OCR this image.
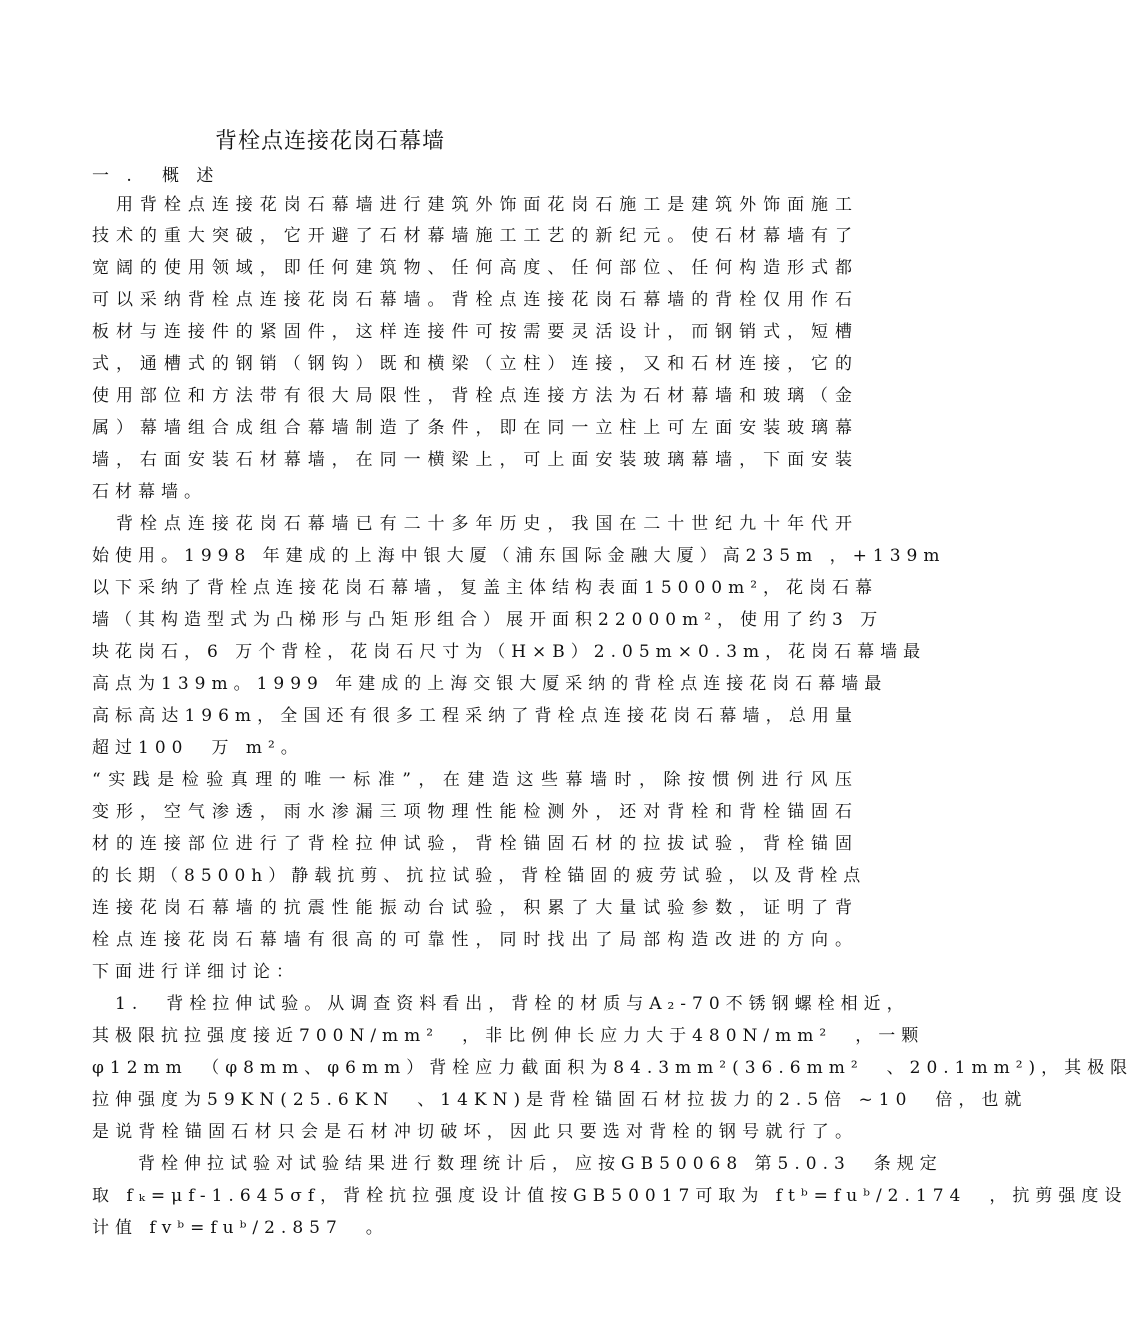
背栓点连接花岗石幕墙
一 . 概 述
　用背栓点连接花岗石幕墙进行建筑外饰面花岗石施工是建筑外饰面施工
技术的重大突破，它开避了石材幕墙施工工艺的新纪元。使石材幕墙有了
宽阔的使用领域，即任何建筑物、任何高度、任何部位、任何构造形式都
可以采纳背栓点连接花岗石幕墙。背栓点连接花岗石幕墙的背栓仅用作石
板材与连接件的紧固件，这样连接件可按需要灵活设计，而钢销式，短槽
式，通槽式的钢销（钢钩）既和横梁（立柱）连接，又和石材连接，它的
使用部位和方法带有很大局限性，背栓点连接方法为石材幕墙和玻璃（金
属）幕墙组合成组合幕墙制造了条件，即在同一立柱上可左面安装玻璃幕
墙，右面安装石材幕墙，在同一横梁上，可上面安装玻璃幕墙，下面安装
石材幕墙。
　背栓点连接花岗石幕墙已有二十多年历史，我国在二十世纪九十年代开
始使用。1998 年建成的上海中银大厦（浦东国际金融大厦）高235m ，+139m
以下采纳了背栓点连接花岗石幕墙，复盖主体结构表面15000m²，花岗石幕
墙（其构造型式为凸梯形与凸矩形组合）展开面积22000m²，使用了约3 万
块花岗石，6 万个背栓，花岗石尺寸为（H×B）2.05m×0.3m，花岗石幕墙最
高点为139m。1999 年建成的上海交银大厦采纳的背栓点连接花岗石幕墙最
高标高达196m，全国还有很多工程采纳了背栓点连接花岗石幕墙，总用量
超过100　万 m²。
“实践是检验真理的唯一标准”，在建造这些幕墙时，除按惯例进行风压
变形，空气渗透，雨水渗漏三项物理性能检测外，还对背栓和背栓锚固石
材的连接部位进行了背栓拉伸试验，背栓锚固石材的拉拔试验，背栓锚固
的长期（8500h）静载抗剪、抗拉试验，背栓锚固的疲劳试验，以及背栓点
连接花岗石幕墙的抗震性能振动台试验，积累了大量试验参数，证明了背
栓点连接花岗石幕墙有很高的可靠性，同时找出了局部构造改进的方向。
下面进行详细讨论：
　1.　背栓拉伸试验。从调查资料看出，背栓的材质与A₂-70不锈钢螺栓相近，
其极限抗拉强度接近700N/mm²　，非比例伸长应力大于480N/mm²　，一颗
φ12mm　（φ8mm、φ6mm）背栓应力截面积为84.3mm²(36.6mm²　、20.1mm²)，其极限
拉伸强度为59KN(25.6KN　、14KN)是背栓锚固石材拉拔力的2.5倍 ~10　倍，也就
是说背栓锚固石材只会是石材冲切破坏，因此只要选对背栓的钢号就行了。
　　背栓伸拉试验对试验结果进行数理统计后，应按GB50068 第5.0.3　条规定
取 fₖ=μf-1.645σf，背栓抗拉强度设计值按GB50017可取为 ftᵇ=fuᵇ/2.174　，抗剪强度设
计值 fvᵇ=fuᵇ/2.857　。
